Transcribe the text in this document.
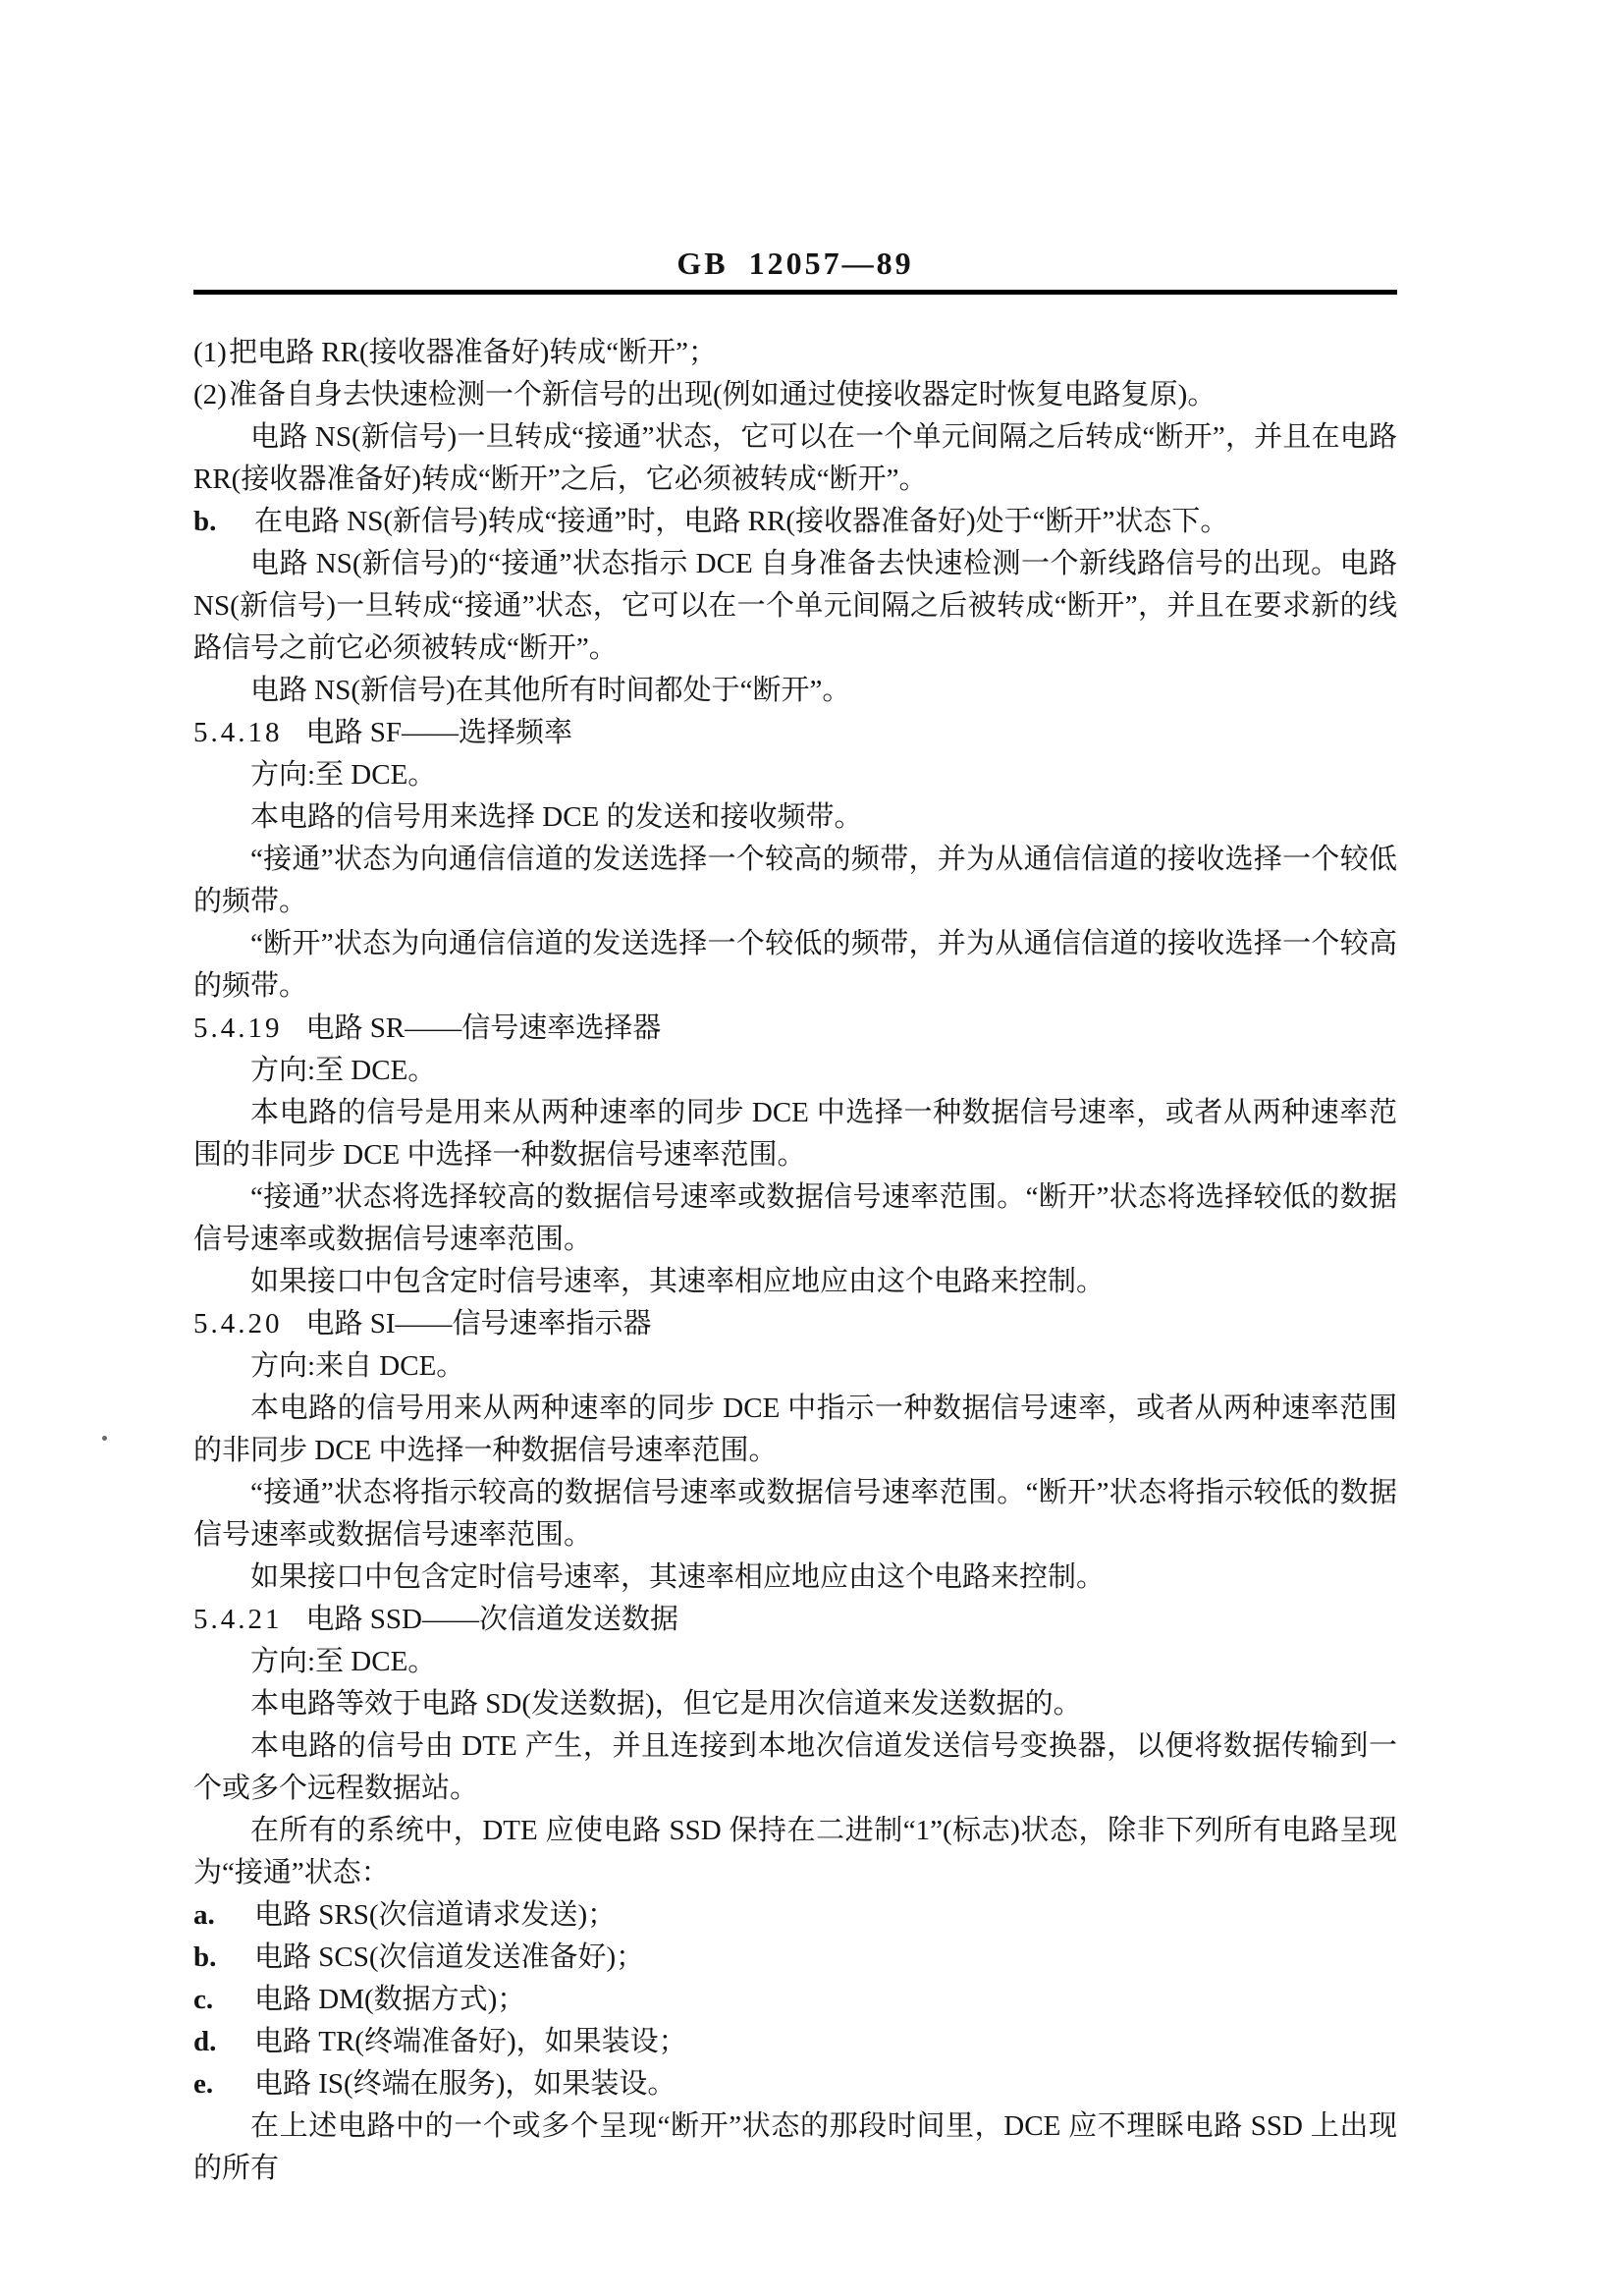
GB 12057—89

(1)把电路 RR(接收器准备好)转成“断开”；

(2)准备自身去快速检测一个新信号的出现(例如通过使接收器定时恢复电路复原)。

电路 NS(新信号)一旦转成“接通”状态，它可以在一个单元间隔之后转成“断开”，并且在电路 RR(接收器准备好)转成“断开”之后，它必须被转成“断开”。

b. 在电路 NS(新信号)转成“接通”时，电路 RR(接收器准备好)处于“断开”状态下。

电路 NS(新信号)的“接通”状态指示 DCE 自身准备去快速检测一个新线路信号的出现。电路 NS(新信号)一旦转成“接通”状态，它可以在一个单元间隔之后被转成“断开”，并且在要求新的线路信号之前它必须被转成“断开”。

电路 NS(新信号)在其他所有时间都处于“断开”。

5.4.18 电路 SF——选择频率

方向:至 DCE。

本电路的信号用来选择 DCE 的发送和接收频带。

“接通”状态为向通信信道的发送选择一个较高的频带，并为从通信信道的接收选择一个较低的频带。

“断开”状态为向通信信道的发送选择一个较低的频带，并为从通信信道的接收选择一个较高的频带。

5.4.19 电路 SR——信号速率选择器

方向:至 DCE。

本电路的信号是用来从两种速率的同步 DCE 中选择一种数据信号速率，或者从两种速率范围的非同步 DCE 中选择一种数据信号速率范围。

“接通”状态将选择较高的数据信号速率或数据信号速率范围。“断开”状态将选择较低的数据信号速率或数据信号速率范围。

如果接口中包含定时信号速率，其速率相应地应由这个电路来控制。

5.4.20 电路 SI——信号速率指示器

方向:来自 DCE。

本电路的信号用来从两种速率的同步 DCE 中指示一种数据信号速率，或者从两种速率范围的非同步 DCE 中选择一种数据信号速率范围。

“接通”状态将指示较高的数据信号速率或数据信号速率范围。“断开”状态将指示较低的数据信号速率或数据信号速率范围。

如果接口中包含定时信号速率，其速率相应地应由这个电路来控制。

5.4.21 电路 SSD——次信道发送数据

方向:至 DCE。

本电路等效于电路 SD(发送数据)，但它是用次信道来发送数据的。

本电路的信号由 DTE 产生，并且连接到本地次信道发送信号变换器，以便将数据传输到一个或多个远程数据站。

在所有的系统中，DTE 应使电路 SSD 保持在二进制“1”(标志)状态，除非下列所有电路呈现为“接通”状态：

a. 电路 SRS(次信道请求发送)；

b. 电路 SCS(次信道发送准备好)；

c. 电路 DM(数据方式)；

d. 电路 TR(终端准备好)，如果装设；

e. 电路 IS(终端在服务)，如果装设。

在上述电路中的一个或多个呈现“断开”状态的那段时间里，DCE 应不理睬电路 SSD 上出现的所有
